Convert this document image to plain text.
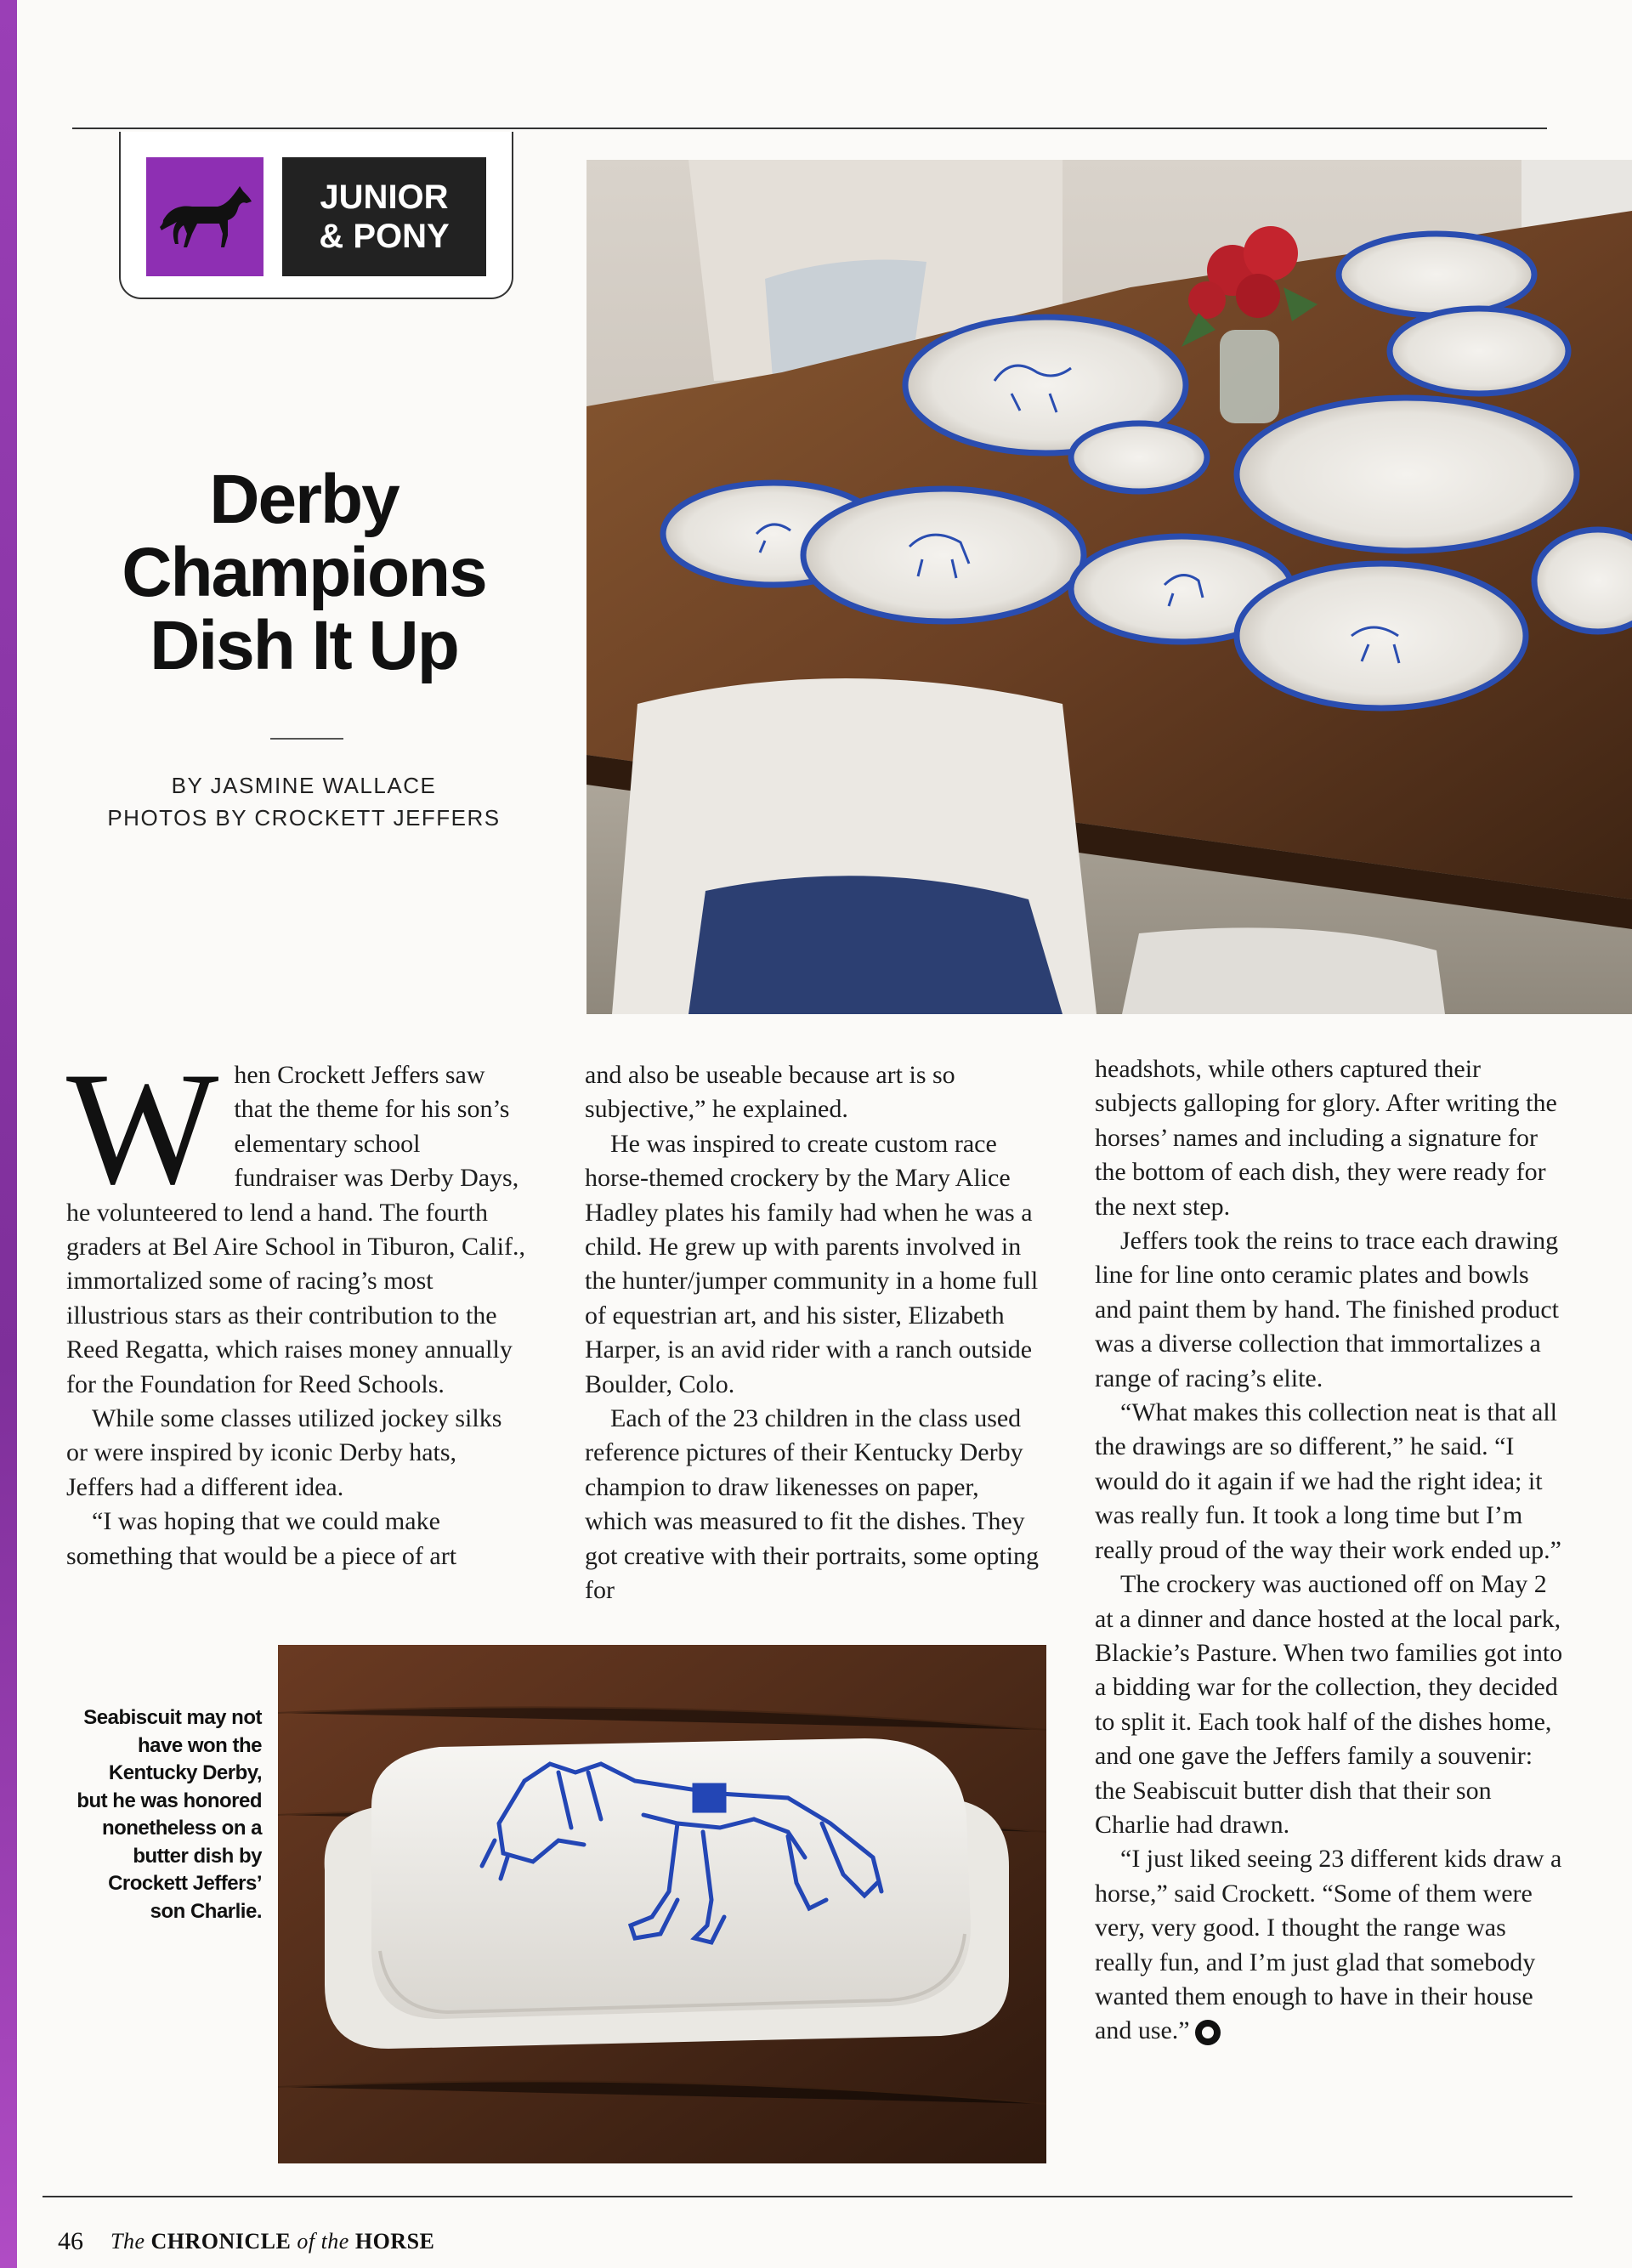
JUNIOR
& PONY
Derby
Champions
Dish It Up
BY JASMINE WALLACE
PHOTOS BY CROCKETT JEFFERS

When Crockett Jeffers saw that the theme for his son’s elementary school fundraiser was Derby Days, he volunteered to lend a hand. The fourth graders at Bel Aire School in Tiburon, Calif., immortalized some of racing’s most illustrious stars as their contribution to the Reed Regatta, which raises money annually for the Foundation for Reed Schools.

While some classes utilized jockey silks or were inspired by iconic Derby hats, Jeffers had a different idea.

“I was hoping that we could make something that would be a piece of art

and also be useable because art is so subjective,” he explained.

He was inspired to create custom race horse-themed crockery by the Mary Alice Hadley plates his family had when he was a child. He grew up with parents involved in the hunter/jumper community in a home full of equestrian art, and his sister, Elizabeth Harper, is an avid rider with a ranch outside Boulder, Colo.

Each of the 23 children in the class used reference pictures of their Kentucky Derby champion to draw likenesses on paper, which was measured to fit the dishes. They got creative with their portraits, some opting for

headshots, while others captured their subjects galloping for glory. After writing the horses’ names and including a signature for the bottom of each dish, they were ready for the next step.

Jeffers took the reins to trace each drawing line for line onto ceramic plates and bowls and paint them by hand. The finished product was a diverse collection that immortalizes a range of racing’s elite.

“What makes this collection neat is that all the drawings are so different,” he said. “I would do it again if we had the right idea; it was really fun. It took a long time but I’m really proud of the way their work ended up.”

The crockery was auctioned off on May 2 at a dinner and dance hosted at the local park, Blackie’s Pasture. When two families got into a bidding war for the collection, they decided to split it. Each took half of the dishes home, and one gave the Jeffers family a souvenir: the Seabiscuit butter dish that their son Charlie had drawn.

“I just liked seeing 23 different kids draw a horse,” said Crockett. “Some of them were very, very good. I thought the range was really fun, and I’m just glad that somebody wanted them enough to have in their house and use.”

Seabiscuit may not have won the Kentucky Derby, but he was honored nonetheless on a butter dish by Crockett Jeffers’ son Charlie.
46 The CHRONICLE of the HORSE
